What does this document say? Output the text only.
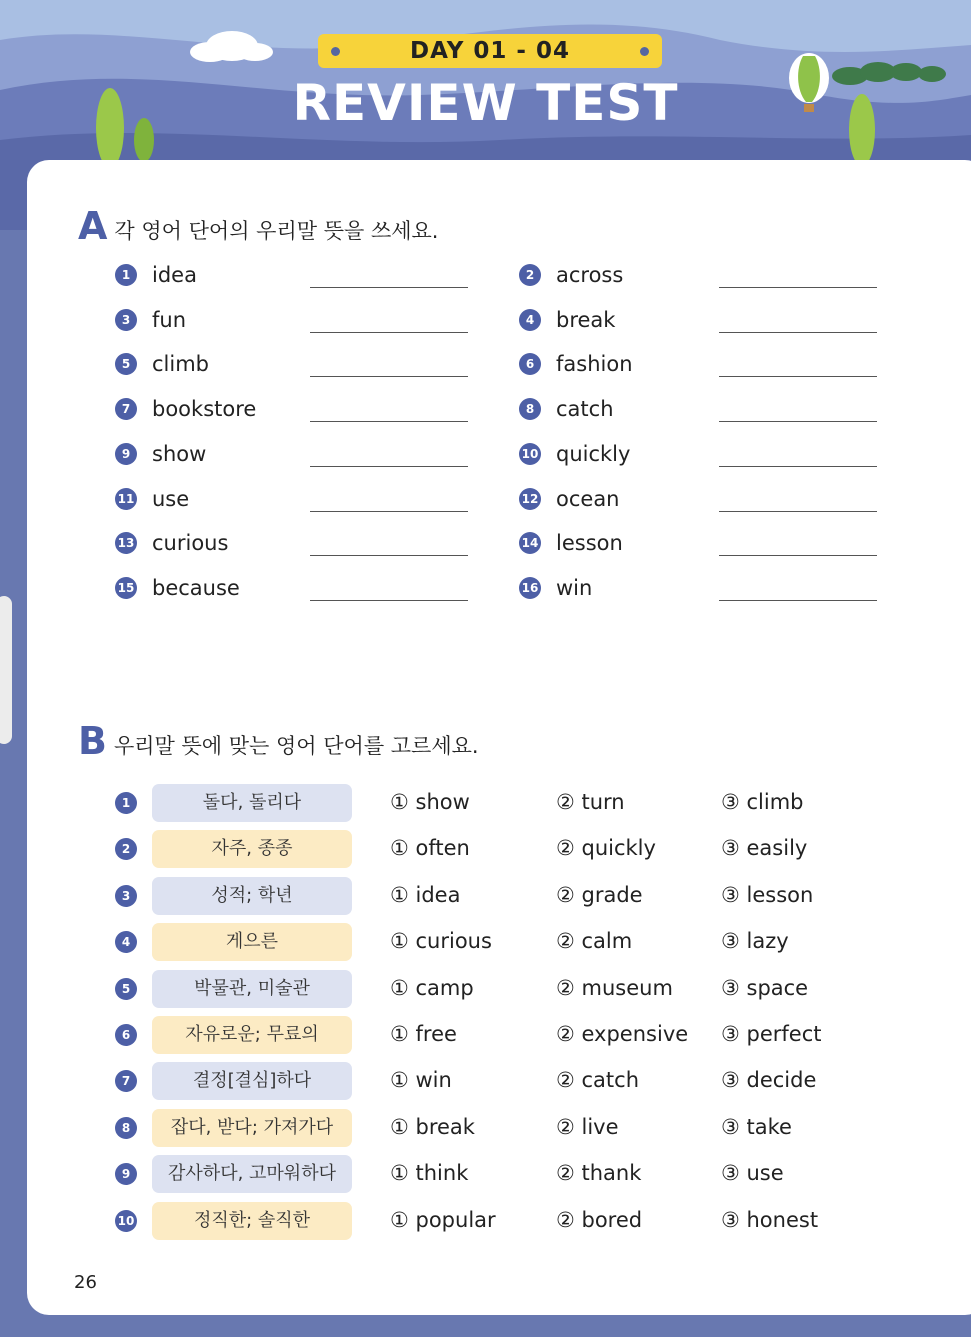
DAY 01 - 04
REVIEW TEST
A 각 영어 단어의 우리말 뜻을 쓰세요.
1	idea	2	across
3	fun	4	break
5	climb	6	fashion
7	bookstore	8	catch
9	show	10 quickly
11 use	12 ocean
13 curious	14 lesson
15 because	16 win
B 우리말 뜻에 맞는 영어 단어를 고르세요.
1	돌다, 돌리다	① show	② turn	③ climb
2	자주, 종종	① often	② quickly	③ easily
3	성적; 학년	① idea	② grade	③ lesson
4	게으른	① curious	② calm	③ lazy
5	박물관, 미술관	① camp	② museum ③ space
6	자유로운; 무료의	① free	② expensive ③ perfect
7	결정[결심]하다	① win	② catch	③ decide
8	잡다, 받다; 가져가다	① break	② live	③ take
9	감사하다, 고마워하다	① think	② thank	③ use
10	정직한; 솔직한	① popular	② bored	③ honest
26
